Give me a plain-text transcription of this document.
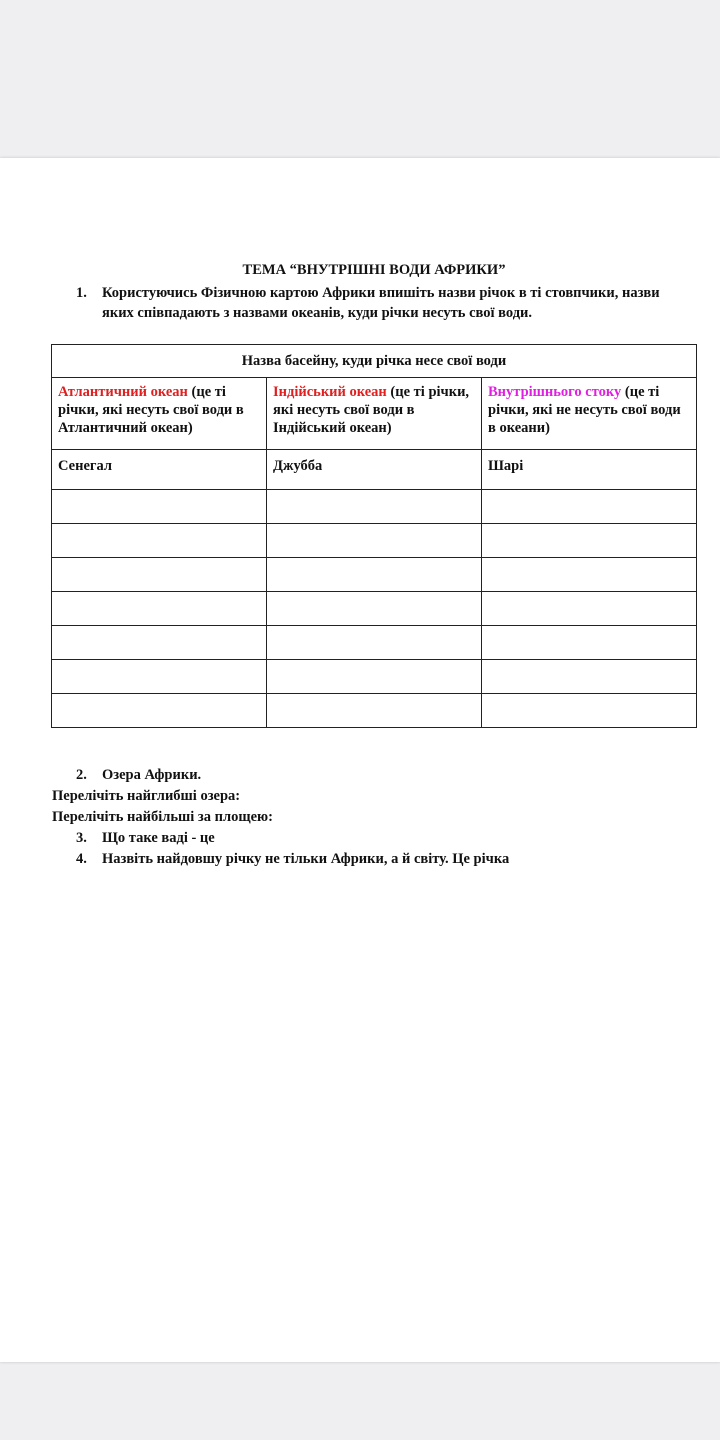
ТЕМА “ВНУТРІШНІ ВОДИ АФРИКИ”
1.	Користуючись Фізичною картою Африки впишіть назви річок в ті стовпчики, назви яких співпадають з назвами океанів, куди річки несуть свої води.
Назва басейну, куди річка несе свої води		
Атлантичний океан (це ті річки, які несуть свої води в Атлантичний океан)	Індійський океан (це ті річки, які несуть свої води в Індійський океан)	Внутрішнього стоку (це ті річки, які не несуть свої води в океани)
Сенегал	Джубба	Шарі

2.	Озера Африки.
Перелічіть найглибші озера:
Перелічіть найбільші за площею:
3.	Що таке ваді - це
4.	Назвіть найдовшу річку не тільки Африки, а й світу. Це річка
